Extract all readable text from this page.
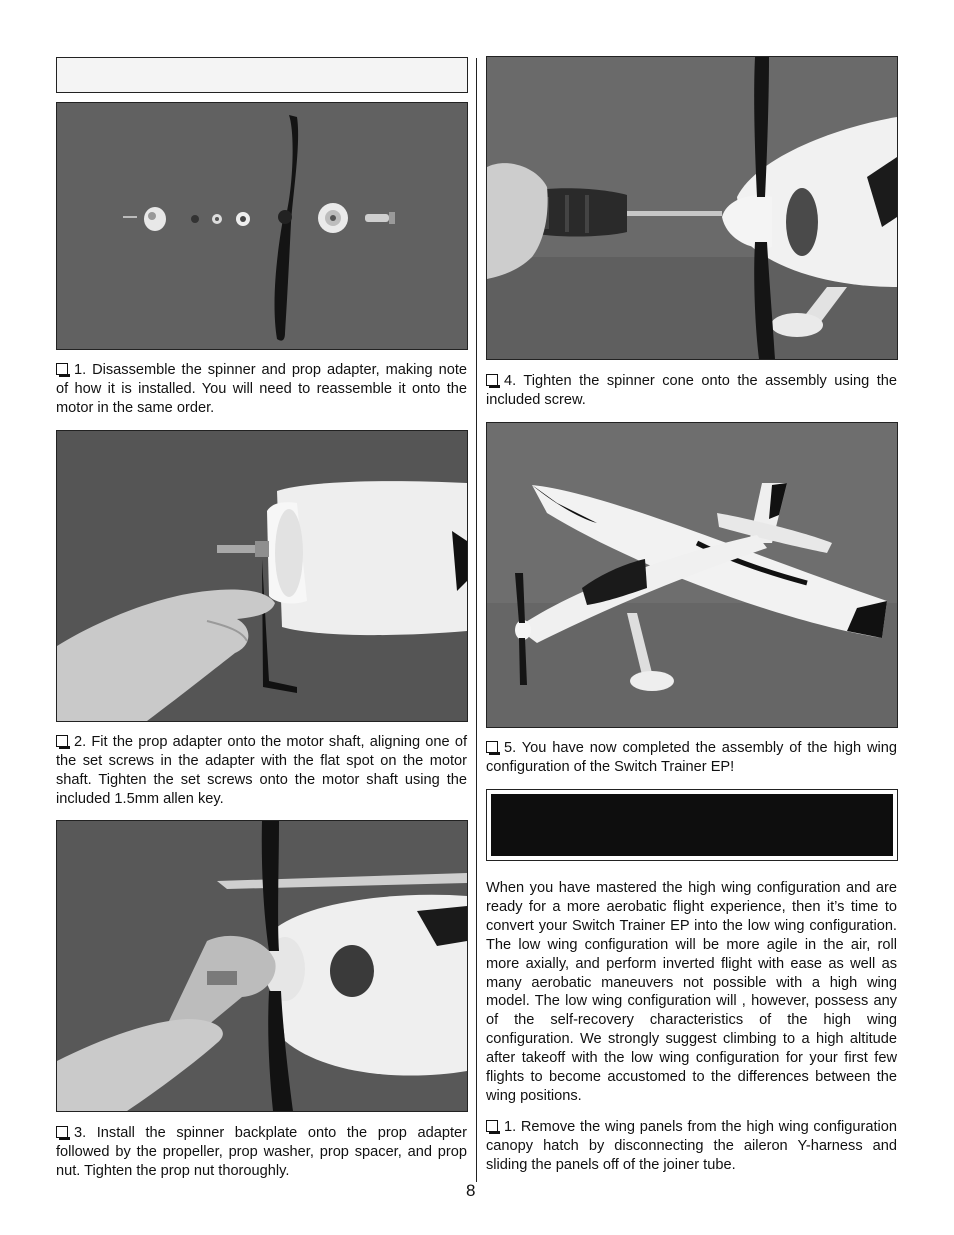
1. Disassemble the spinner and prop adapter, making note of how it is installed. You will need to reassemble it onto the motor in the same order.

2. Fit the prop adapter onto the motor shaft, aligning one of the set screws in the adapter with the flat spot on the motor shaft. Tighten the set screws onto the motor shaft using the included 1.5mm allen key.

3. Install the spinner backplate onto the prop adapter followed by the propeller, prop washer, prop spacer, and prop nut. Tighten the prop nut thoroughly.

4. Tighten the spinner cone onto the assembly using the included screw.

5. You have now completed the assembly of the high wing configuration of the Switch Trainer EP!

When you have mastered the high wing configuration and are ready for a more aerobatic flight experience, then it’s time to convert your Switch Trainer EP into the low wing configuration. The low wing configuration will be more agile in the air, roll more axially, and perform inverted flight with ease as well as many aerobatic maneuvers not possible with a high wing model. The low wing configuration will , however, possess any of the self-recovery characteristics of the high wing configuration. We strongly suggest climbing to a high altitude after takeoff with the low wing configuration for your first few flights to become accustomed to the differences between the wing positions.

1. Remove the wing panels from the high wing configuration canopy hatch by disconnecting the aileron Y-harness and sliding the panels off of the joiner tube.

8
